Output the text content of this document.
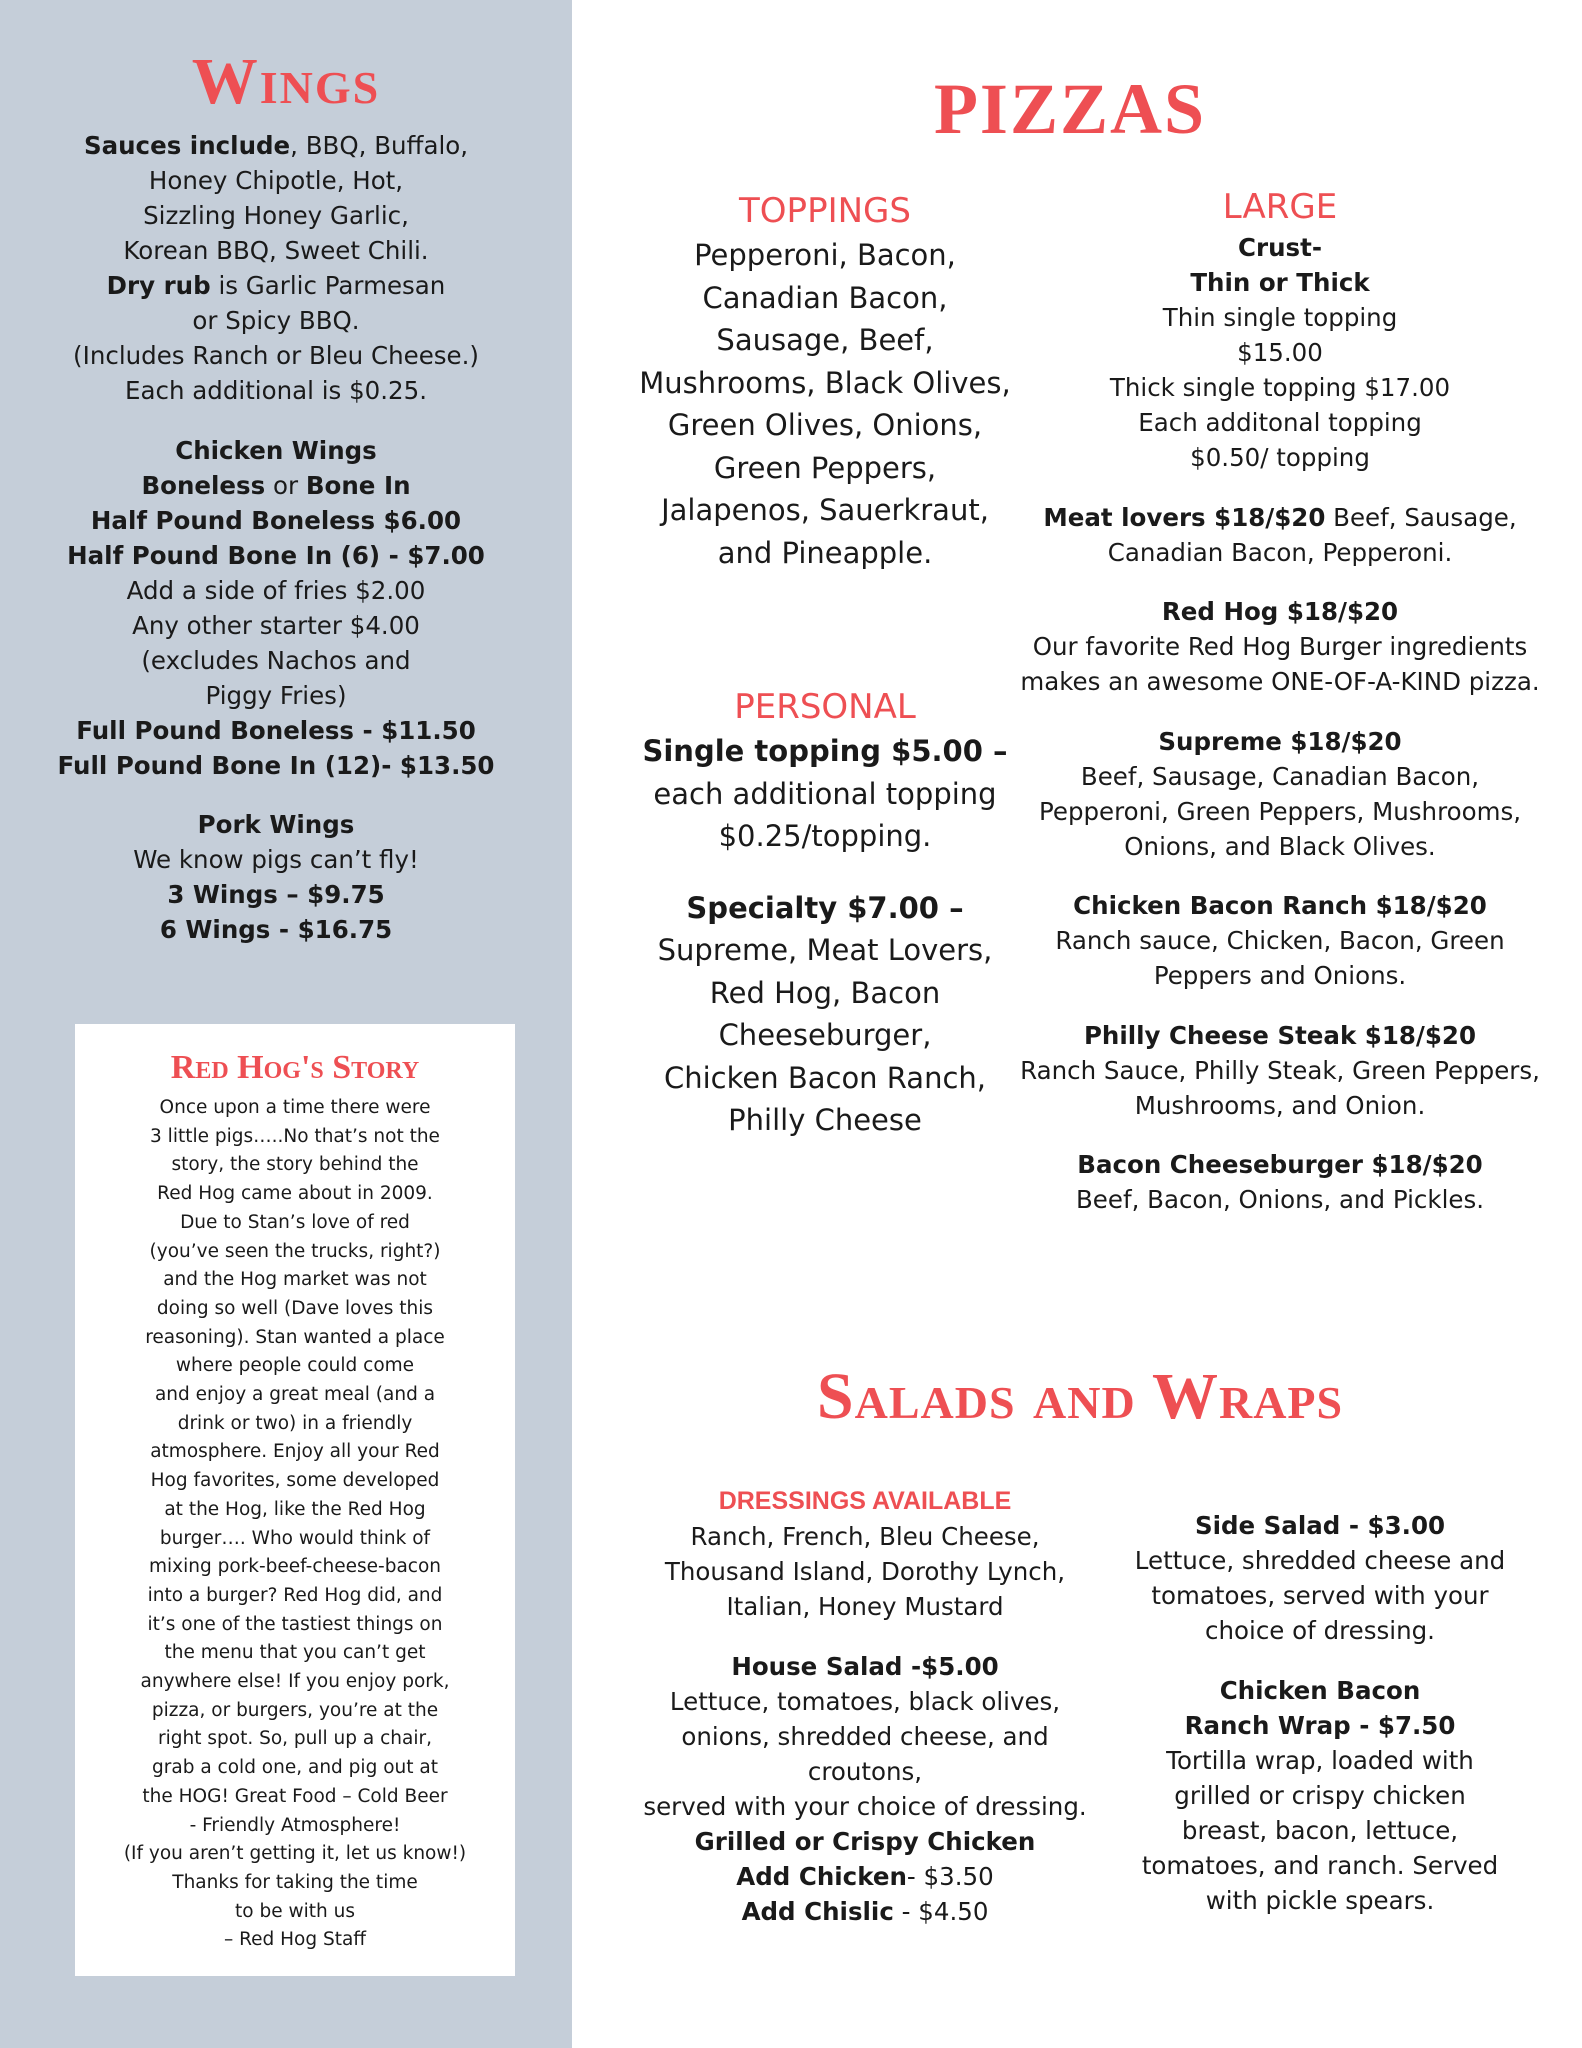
Wings
Sauces include, BBQ, Buffalo,
Honey Chipotle, Hot,
Sizzling Honey Garlic,
Korean BBQ, Sweet Chili.
Dry rub is Garlic Parmesan
or Spicy BBQ.
(Includes Ranch or Bleu Cheese.)
Each additional is $0.25.
Chicken Wings
Boneless or Bone In
Half Pound Boneless $6.00
Half Pound Bone In (6) - $7.00
Add a side of fries $2.00
Any other starter $4.00
(excludes Nachos and
Piggy Fries)
Full Pound Boneless - $11.50
Full Pound Bone In (12)- $13.50
Pork Wings
We know pigs can’t fly!
3 Wings – $9.75
6 Wings - $16.75
Red Hog's Story
Once upon a time there were
3 little pigs…..No that’s not the
story, the story behind the
Red Hog came about in 2009.
Due to Stan’s love of red
(you’ve seen the trucks, right?)
and the Hog market was not
doing so well (Dave loves this
reasoning). Stan wanted a place
where people could come
and enjoy a great meal (and a
drink or two) in a friendly
atmosphere. Enjoy all your Red
Hog favorites, some developed
at the Hog, like the Red Hog
burger…. Who would think of
mixing pork-beef-cheese-bacon
into a burger? Red Hog did, and
it’s one of the tastiest things on
the menu that you can’t get
anywhere else! If you enjoy pork,
pizza, or burgers, you’re at the
right spot. So, pull up a chair,
grab a cold one, and pig out at
the HOG! Great Food – Cold Beer
- Friendly Atmosphere!
(If you aren’t getting it, let us know!)
Thanks for taking the time
to be with us
– Red Hog Staff
PIZZAS
TOPPINGS
Pepperoni, Bacon,
Canadian Bacon,
Sausage, Beef,
Mushrooms, Black Olives,
Green Olives, Onions,
Green Peppers,
Jalapenos, Sauerkraut,
and Pineapple.
PERSONAL
Single topping $5.00 –
each additional topping
$0.25/topping.
Specialty $7.00 –
Supreme, Meat Lovers,
Red Hog, Bacon
Cheeseburger,
Chicken Bacon Ranch,
Philly Cheese
LARGE
Crust-
Thin or Thick
Thin single topping
$15.00
Thick single topping $17.00
Each additonal topping
$0.50/ topping
Meat lovers $18/$20 Beef, Sausage,
Canadian Bacon, Pepperoni.
Red Hog $18/$20
Our favorite Red Hog Burger ingredients
makes an awesome ONE-OF-A-KIND pizza.
Supreme $18/$20
Beef, Sausage, Canadian Bacon,
Pepperoni, Green Peppers, Mushrooms,
Onions, and Black Olives.
Chicken Bacon Ranch $18/$20
Ranch sauce, Chicken, Bacon, Green
Peppers and Onions.
Philly Cheese Steak $18/$20
Ranch Sauce, Philly Steak, Green Peppers,
Mushrooms, and Onion.
Bacon Cheeseburger $18/$20
Beef, Bacon, Onions, and Pickles.
Salads and Wraps
DRESSINGS AVAILABLE
Ranch, French, Bleu Cheese,
Thousand Island, Dorothy Lynch,
Italian, Honey Mustard
House Salad -$5.00
Lettuce, tomatoes, black olives,
onions, shredded cheese, and
croutons,
served with your choice of dressing.
Grilled or Crispy Chicken
Add Chicken- $3.50
Add Chislic - $4.50
Side Salad - $3.00
Lettuce, shredded cheese and
tomatoes, served with your
choice of dressing.
Chicken Bacon
Ranch Wrap - $7.50
Tortilla wrap, loaded with
grilled or crispy chicken
breast, bacon, lettuce,
tomatoes, and ranch. Served
with pickle spears.
